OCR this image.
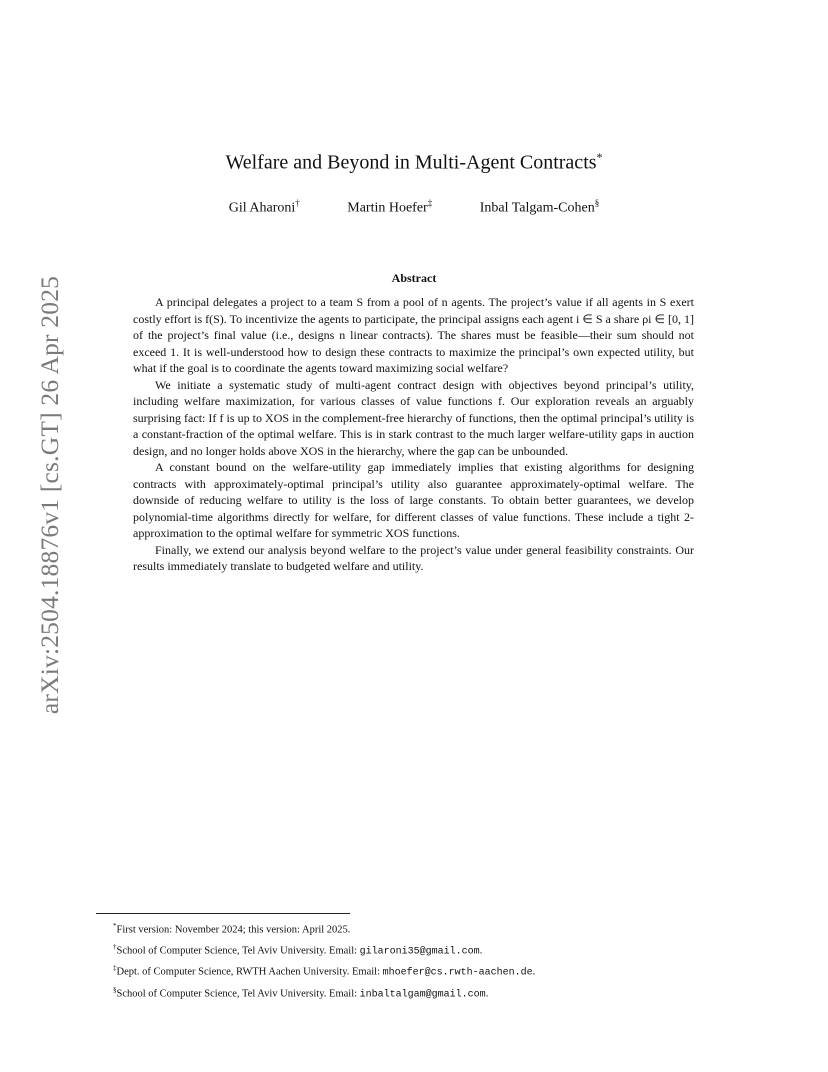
arXiv:2504.18876v1 [cs.GT] 26 Apr 2025
Welfare and Beyond in Multi-Agent Contracts*
Gil Aharoni†	Martin Hoefer‡	Inbal Talgam-Cohen§
Abstract

A principal delegates a project to a team S from a pool of n agents. The project’s value if all agents in S exert costly effort is f(S). To incentivize the agents to participate, the principal assigns each agent i ∈ S a share ρi ∈ [0, 1] of the project’s final value (i.e., designs n linear contracts). The shares must be feasible—their sum should not exceed 1. It is well-understood how to design these contracts to maximize the principal’s own expected utility, but what if the goal is to coordinate the agents toward maximizing social welfare?

We initiate a systematic study of multi-agent contract design with objectives beyond principal’s utility, including welfare maximization, for various classes of value functions f. Our exploration reveals an arguably surprising fact: If f is up to XOS in the complement-free hierarchy of functions, then the optimal principal’s utility is a constant-fraction of the optimal welfare. This is in stark contrast to the much larger welfare-utility gaps in auction design, and no longer holds above XOS in the hierarchy, where the gap can be unbounded.

A constant bound on the welfare-utility gap immediately implies that existing algorithms for designing contracts with approximately-optimal principal’s utility also guarantee approximately-optimal welfare. The downside of reducing welfare to utility is the loss of large constants. To obtain better guarantees, we develop polynomial-time algorithms directly for welfare, for different classes of value functions. These include a tight 2-approximation to the optimal welfare for symmetric XOS functions.

Finally, we extend our analysis beyond welfare to the project’s value under general feasibility constraints. Our results immediately translate to budgeted welfare and utility.

*First version: November 2024; this version: April 2025.
†School of Computer Science, Tel Aviv University. Email: gilaroni35@gmail.com.
‡Dept. of Computer Science, RWTH Aachen University. Email: mhoefer@cs.rwth-aachen.de.
§School of Computer Science, Tel Aviv University. Email: inbaltalgam@gmail.com.
